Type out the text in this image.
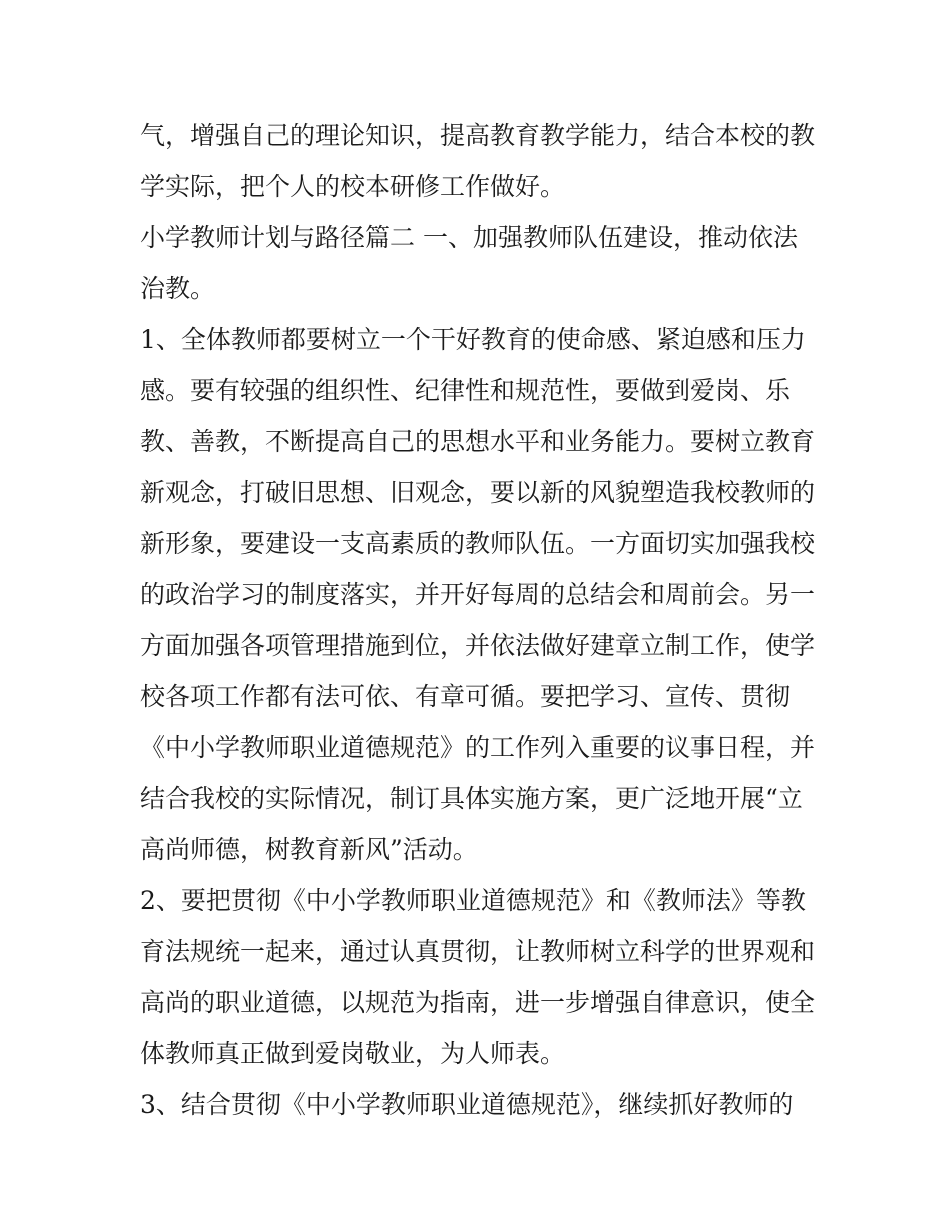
气，增强自己的理论知识，提高教育教学能力，结合本校的教
学实际，把个人的校本研修工作做好。
小学教师计划与路径篇二 一、加强教师队伍建设，推动依法
治教。
1、全体教师都要树立一个干好教育的使命感、紧迫感和压力
感。要有较强的组织性、纪律性和规范性，要做到爱岗、乐
教、善教，不断提高自己的思想水平和业务能力。要树立教育
新观念，打破旧思想、旧观念，要以新的风貌塑造我校教师的
新形象，要建设一支高素质的教师队伍。一方面切实加强我校
的政治学习的制度落实，并开好每周的总结会和周前会。另一
方面加强各项管理措施到位，并依法做好建章立制工作，使学
校各项工作都有法可依、有章可循。要把学习、宣传、贯彻
《中小学教师职业道德规范》的工作列入重要的议事日程，并
结合我校的实际情况，制订具体实施方案，更广泛地开展“立
高尚师德，树教育新风”活动。
2、要把贯彻《中小学教师职业道德规范》和《教师法》等教
育法规统一起来，通过认真贯彻，让教师树立科学的世界观和
高尚的职业道德，以规范为指南，进一步增强自律意识，使全
体教师真正做到爱岗敬业，为人师表。
3、结合贯彻《中小学教师职业道德规范》，继续抓好教师的
